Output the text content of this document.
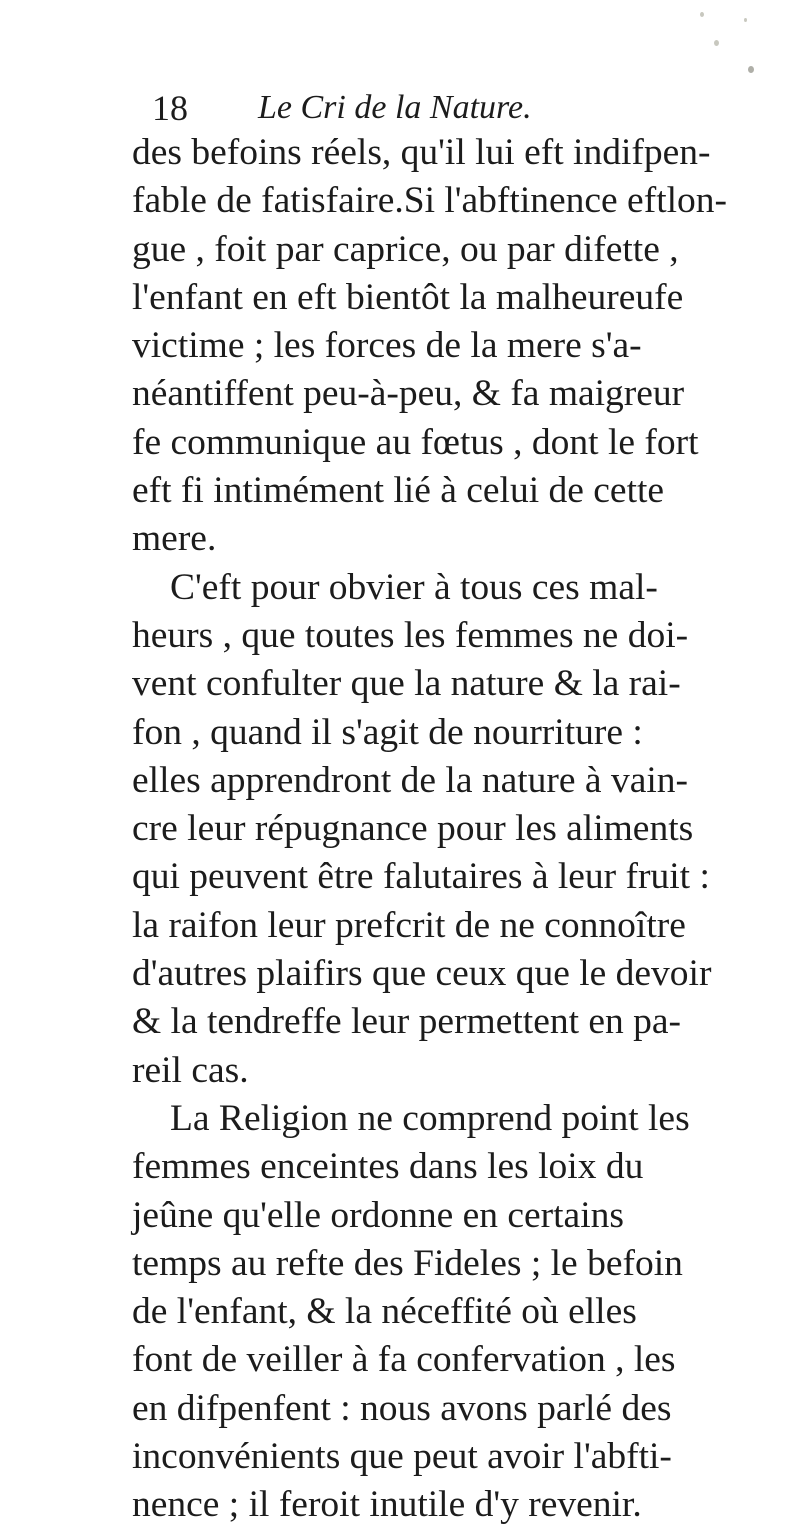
18 Le Cri de la Nature.
des befoins réels, qu'il lui eft indifpen-
fable de fatisfaire.Si l'abftinence eftlon-
gue , foit par caprice, ou par difette ,
l'enfant en eft bientôt la malheureufe
victime ; les forces de la mere s'a-
néantiffent peu-à-peu, & fa maigreur
fe communique au fœtus , dont le fort
eft fi intimément lié à celui de cette
mere.
C'eft pour obvier à tous ces mal-
heurs , que toutes les femmes ne doi-
vent confulter que la nature & la rai-
fon , quand il s'agit de nourriture :
elles apprendront de la nature à vain-
cre leur répugnance pour les aliments
qui peuvent être falutaires à leur fruit :
la raifon leur prefcrit de ne connoître
d'autres plaifirs que ceux que le devoir
& la tendreffe leur permettent en pa-
reil cas.
La Religion ne comprend point les
femmes enceintes dans les loix du
jeûne qu'elle ordonne en certains
temps au refte des Fideles ; le befoin
de l'enfant, & la néceffité où elles
font de veiller à fa confervation , les
en difpenfent : nous avons parlé des
inconvénients que peut avoir l'abfti-
nence ; il feroit inutile d'y revenir.
